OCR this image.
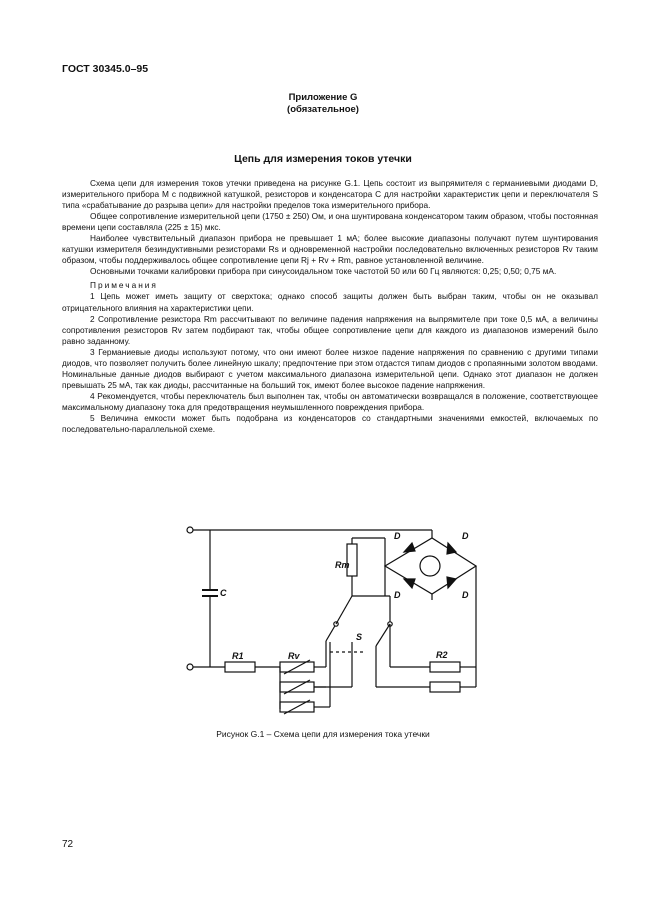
ГОСТ 30345.0–95
Приложение G
(обязательное)
Цепь для измерения токов утечки

Схема цепи для измерения токов утечки приведена на рисунке G.1. Цепь состоит из выпрямителя с германиевыми диодами D, измерительного прибора М с подвижной катушкой, резисторов и конденсатора С для настройки характеристик цепи и переключателя S типа «срабатывание до разрыва цепи» для настройки пределов тока измерительного прибора.

Общее сопротивление измерительной цепи (1750 ± 250) Ом, и она шунтирована конденсатором таким образом, чтобы постоянная времени цепи составляла (225 ± 15) мкс.

Наиболее чувствительный диапазон прибора не превышает 1 мА; более высокие диапазоны получают путем шунтирования катушки измерителя безиндуктивными резисторами Rs и одновременной настройки последовательно включенных резисторов Rv таким образом, чтобы поддерживалось общее сопротивление цепи Rj + Rv + Rm, равное установленной величине.

Основными точками калибровки прибора при синусоидальном токе частотой 50 или 60 Гц являются: 0,25; 0,50; 0,75 мА.

Примечания

1 Цепь может иметь защиту от сверхтока; однако способ защиты должен быть выбран таким, чтобы он не оказывал отрицательного влияния на характеристики цепи.

2 Сопротивление резистора Rm рассчитывают по величине падения напряжения на выпрямителе при токе 0,5 мА, а величины сопротивления резисторов Rv затем подбирают так, чтобы общее сопротивление цепи для каждого из диапазонов измерений было равно заданному.

3 Германиевые диоды используют потому, что они имеют более низкое падение напряжения по сравнению с другими типами диодов, что позволяет получить более линейную шкалу; предпочтение при этом отдастся типам диодов с пропаянными золотом вводами. Номинальные данные диодов выбирают с учетом максимального диапазона измерительной цепи. Однако этот диапазон не должен превышать 25 мА, так как диоды, рассчитанные на больший ток, имеют более высокое падение напряжения.

4 Рекомендуется, чтобы переключатель был выполнен так, чтобы он автоматически возвращался в положение, соответствующее максимальному диапазону тока для предотвращения неумышленного повреждения прибора.

5 Величина емкости может быть подобрана из конденсаторов со стандартными значениями емкостей, включаемых по последовательно-параллельной схеме.

C
R1	Rv
Rm
S
R2
D	D
D	D
Рисунок G.1 – Схема цепи для измерения тока утечки
72
